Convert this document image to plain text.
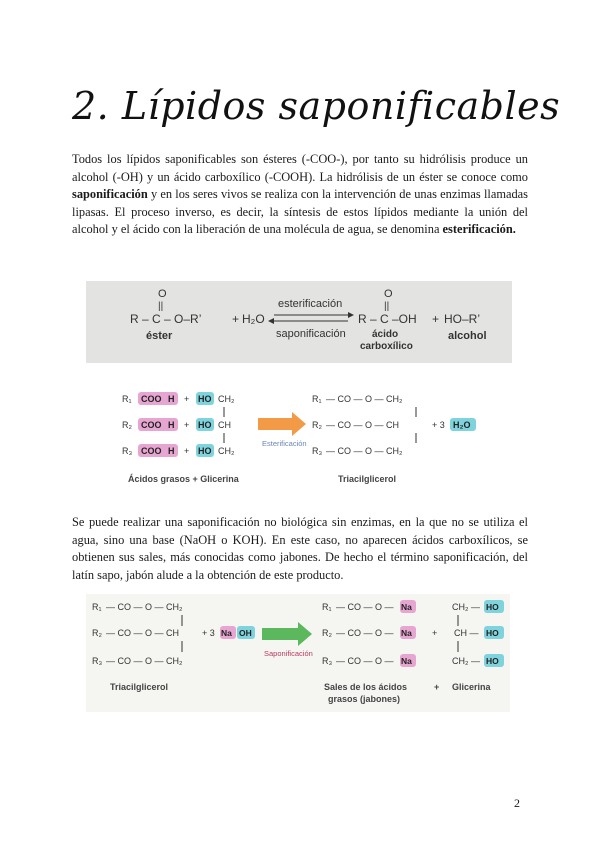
2. Lípidos saponificables

Todos los lípidos saponificables son ésteres (-COO-), por tanto su hidrólisis produce un alcohol (-OH) y un ácido carboxílico (-COOH). La hidrólisis de un éster se conoce como saponificación y en los seres vivos se realiza con la intervención de unas enzimas llamadas lipasas. El proceso inverso, es decir, la síntesis de estos lípidos mediante la unión del alcohol y el ácido con la liberación de una molécula de agua, se denomina esterificación.

O
||
R – C – O–R’
éster
+ H₂O
esterificación
saponificación
O
||
R – C –OH
ácido
carboxílico
+ HO–R’
alcohol
R₁ COO H + HO CH₂
R₂ COO H + HO CH
R₃ COO H + HO CH₂
Esterificación
R₁ — CO — O — CH₂
R₂ — CO — O — CH
R₃ — CO — O — CH₂
+ 3 H₂O
Ácidos grasos + Glicerina	Triacilglicerol

Se puede realizar una saponificación no biológica sin enzimas, en la que no se utiliza el agua, sino una base (NaOH o KOH). En este caso, no aparecen ácidos carboxílicos, se obtienen sus sales, más conocidas como jabones. De hecho el término saponificación, del latín sapo, jabón alude a la obtención de este producto.

R₁ — CO — O — CH₂
R₂ — CO — O — CH
R₃ — CO — O — CH₂
+ 3 Na OH
Saponificación
R₁ — CO — O — Na
R₂ — CO — O — Na
R₃ — CO — O — Na
+
CH₂ — HO
CH — HO
CH₂ — HO
Triacilglicerol	Sales de los ácidos
grasos (jabones)
+ Glicerina
2
